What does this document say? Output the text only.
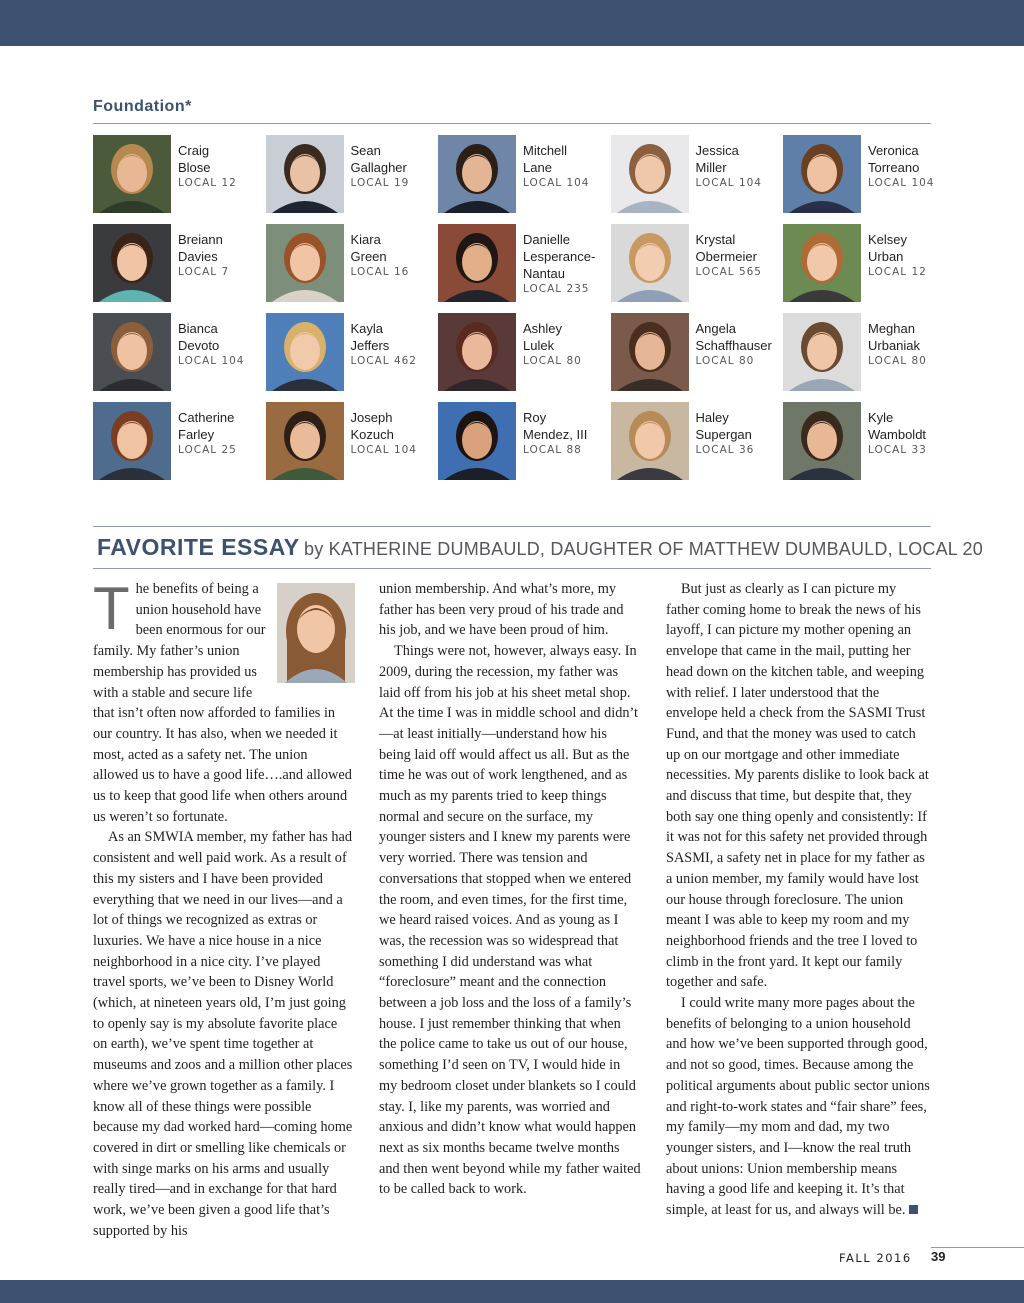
Foundation*
Craig
Blose
LOCAL 12
Sean
Gallagher
LOCAL 19
Mitchell
Lane
LOCAL 104
Jessica
Miller
LOCAL 104
Veronica
Torreano
LOCAL 104
Breiann
Davies
LOCAL 7
Kiara
Green
LOCAL 16
Danielle
Lesperance-
Nantau
LOCAL 235
Krystal
Obermeier
LOCAL 565
Kelsey
Urban
LOCAL 12
Bianca
Devoto
LOCAL 104
Kayla
Jeffers
LOCAL 462
Ashley
Lulek
LOCAL 80
Angela
Schaffhauser
LOCAL 80
Meghan
Urbaniak
LOCAL 80
Catherine
Farley
LOCAL 25
Joseph
Kozuch
LOCAL 104
Roy
Mendez, III
LOCAL 88
Haley
Supergan
LOCAL 36
Kyle
Wamboldt
LOCAL 33
FAVORITE ESSAY by KATHERINE DUMBAULD, DAUGHTER OF MATTHEW DUMBAULD, LOCAL 20

The benefits of being a union household have been enormous for our family. My father’s union membership has provided us with a stable and secure life that isn’t often now afforded to families in our country. It has also, when we needed it most, acted as a safety net. The union allowed us to have a good life….and allowed us to keep that good life when others around us weren’t so fortunate.

As an SMWIA member, my father has had consistent and well paid work. As a result of this my sisters and I have been provided everything that we need in our lives—and a lot of things we recognized as extras or luxuries. We have a nice house in a nice neighborhood in a nice city. I’ve played travel sports, we’ve been to Disney World (which, at nineteen years old, I’m just going to openly say is my absolute favorite place on earth), we’ve spent time together at museums and zoos and a million other places where we’ve grown together as a family. I know all of these things were possible because my dad worked hard—coming home covered in dirt or smelling like chemicals or with singe marks on his arms and usually really tired—and in exchange for that hard work, we’ve been given a good life that’s supported by his

union membership. And what’s more, my father has been very proud of his trade and his job, and we have been proud of him.

Things were not, however, always easy. In 2009, during the recession, my father was laid off from his job at his sheet metal shop. At the time I was in middle school and didn’t—at least initially—understand how his being laid off would affect us all. But as the time he was out of work lengthened, and as much as my parents tried to keep things normal and secure on the surface, my younger sisters and I knew my parents were very worried. There was tension and conversations that stopped when we entered the room, and even times, for the first time, we heard raised voices. And as young as I was, the recession was so widespread that something I did understand was what “foreclosure” meant and the connection between a job loss and the loss of a family’s house. I just remember thinking that when the police came to take us out of our house, something I’d seen on TV, I would hide in my bedroom closet under blankets so I could stay. I, like my parents, was worried and anxious and didn’t know what would happen next as six months became twelve months and then went beyond while my father waited to be called back to work.

But just as clearly as I can picture my father coming home to break the news of his layoff, I can picture my mother opening an envelope that came in the mail, putting her head down on the kitchen table, and weeping with relief. I later understood that the envelope held a check from the SASMI Trust Fund, and that the money was used to catch up on our mortgage and other immediate necessities. My parents dislike to look back at and discuss that time, but despite that, they both say one thing openly and consistently: If it was not for this safety net provided through SASMI, a safety net in place for my father as a union member, my family would have lost our house through foreclosure. The union meant I was able to keep my room and my neighborhood friends and the tree I loved to climb in the front yard. It kept our family together and safe.

I could write many more pages about the benefits of belonging to a union household and how we’ve been supported through good, and not so good, times. Because among the political arguments about public sector unions and right-to-work states and “fair share” fees, my family—my mom and dad, my two younger sisters, and I—know the real truth about unions: Union membership means having a good life and keeping it. It’s that simple, at least for us, and always will be.

FALL 2016 39
